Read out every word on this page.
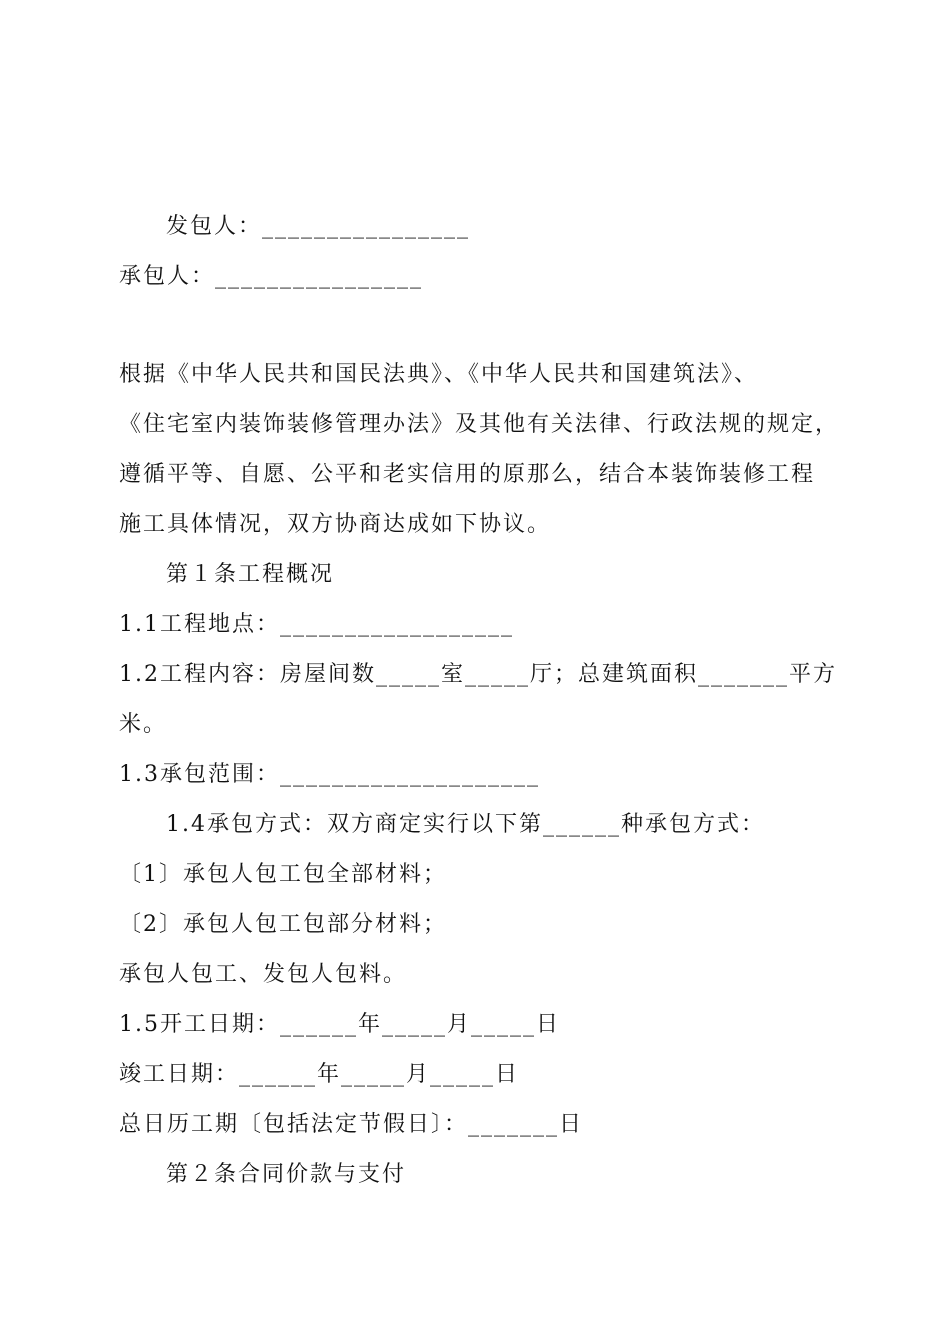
发包人：________________
承包人：________________
根据《中华人民共和国民法典》、《中华人民共和国建筑法》、
《住宅室内装饰装修管理办法》及其他有关法律、行政法规的规定，
遵循平等、自愿、公平和老实信用的原那么，结合本装饰装修工程
施工具体情况，双方协商达成如下协议。
第１条工程概况
1.1工程地点：__________________
1.2工程内容：房屋间数_____室_____厅；总建筑面积_______平方
米。
1.3承包范围：____________________
1.4承包方式：双方商定实行以下第______种承包方式：
〔1〕承包人包工包全部材料；
〔2〕承包人包工包部分材料；
承包人包工、发包人包料。
1.5开工日期：______年_____月_____日
竣工日期：______年_____月_____日
总日历工期〔包括法定节假日〕：_______日
第２条合同价款与支付
